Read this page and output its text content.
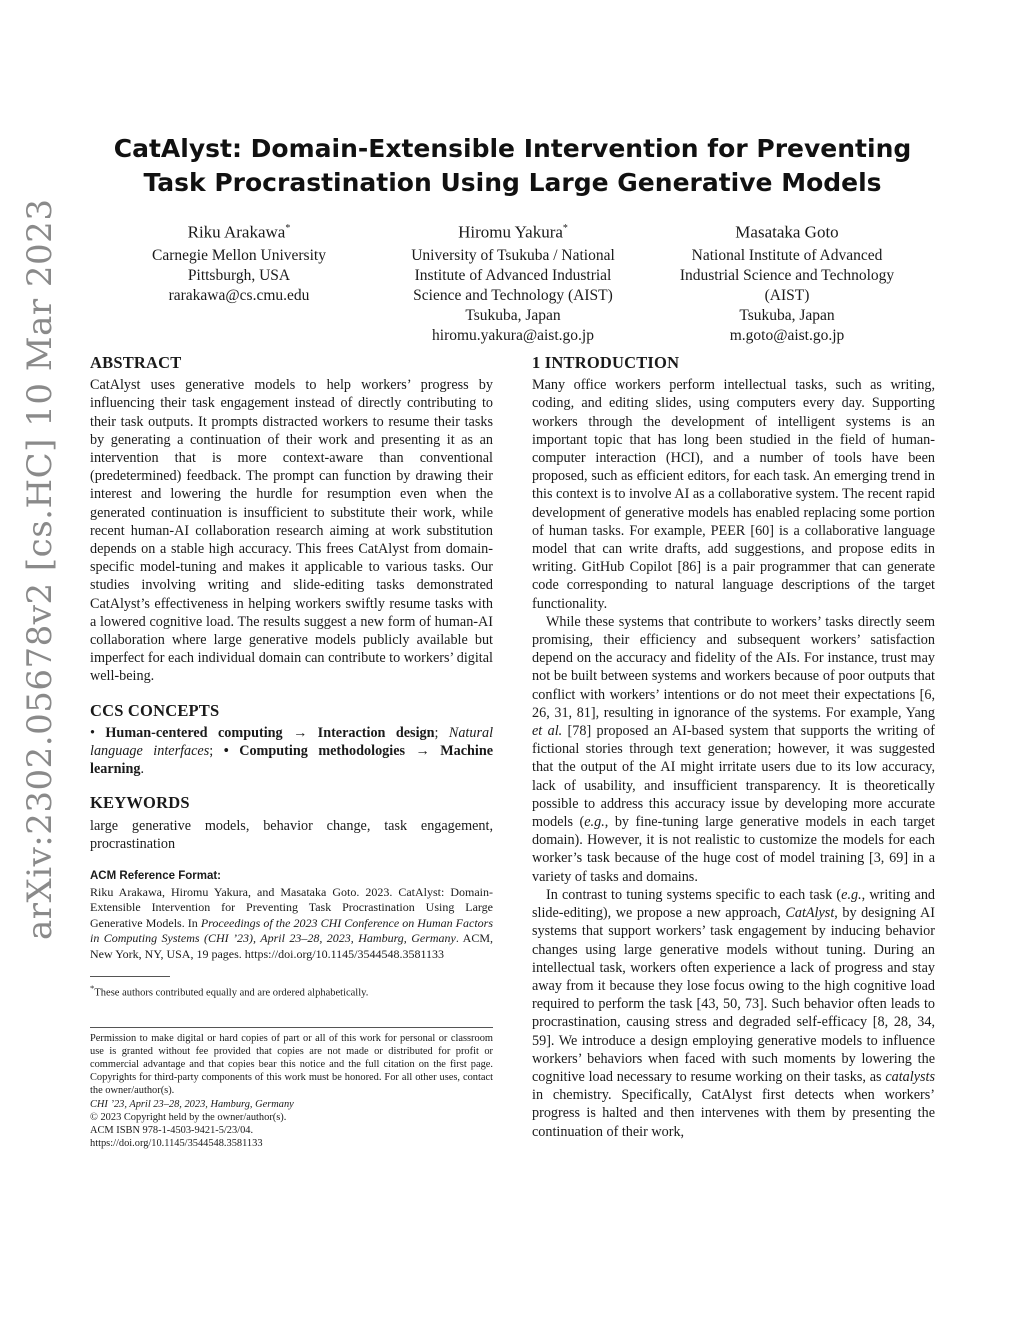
arXiv:2302.05678v2 [cs.HC] 10 Mar 2023
CatAlyst: Domain-Extensible Intervention for Preventing Task Procrastination Using Large Generative Models
Riku Arakawa*
Carnegie Mellon University
Pittsburgh, USA
rarakawa@cs.cmu.edu
Hiromu Yakura*
University of Tsukuba / National
Institute of Advanced Industrial
Science and Technology (AIST)
Tsukuba, Japan
hiromu.yakura@aist.go.jp
Masataka Goto
National Institute of Advanced
Industrial Science and Technology
(AIST)
Tsukuba, Japan
m.goto@aist.go.jp
ABSTRACT

CatAlyst uses generative models to help workers’ progress by influencing their task engagement instead of directly contributing to their task outputs. It prompts distracted workers to resume their tasks by generating a continuation of their work and presenting it as an intervention that is more context-aware than conventional (predetermined) feedback. The prompt can function by drawing their interest and lowering the hurdle for resumption even when the generated continuation is insufficient to substitute their work, while recent human-AI collaboration research aiming at work substitution depends on a stable high accuracy. This frees CatAlyst from domain-specific model-tuning and makes it applicable to various tasks. Our studies involving writing and slide-editing tasks demonstrated CatAlyst’s effectiveness in helping workers swiftly resume tasks with a lowered cognitive load. The results suggest a new form of human-AI collaboration where large generative models publicly available but imperfect for each individual domain can contribute to workers’ digital well-being.

CCS CONCEPTS

• Human-centered computing → Interaction design; Natural language interfaces; • Computing methodologies → Machine learning.

KEYWORDS

large generative models, behavior change, task engagement, procrastination

ACM Reference Format:

Riku Arakawa, Hiromu Yakura, and Masataka Goto. 2023. CatAlyst: Domain-Extensible Intervention for Preventing Task Procrastination Using Large Generative Models. In Proceedings of the 2023 CHI Conference on Human Factors in Computing Systems (CHI ’23), April 23–28, 2023, Hamburg, Germany. ACM, New York, NY, USA, 19 pages. https://doi.org/10.1145/3544548.3581133

*These authors contributed equally and are ordered alphabetically.

Permission to make digital or hard copies of part or all of this work for personal or classroom use is granted without fee provided that copies are not made or distributed for profit or commercial advantage and that copies bear this notice and the full citation on the first page. Copyrights for third-party components of this work must be honored. For all other uses, contact the owner/author(s).

CHI ’23, April 23–28, 2023, Hamburg, Germany
© 2023 Copyright held by the owner/author(s).
ACM ISBN 978-1-4503-9421-5/23/04.
https://doi.org/10.1145/3544548.3581133
1 INTRODUCTION

Many office workers perform intellectual tasks, such as writing, coding, and editing slides, using computers every day. Supporting workers through the development of intelligent systems is an important topic that has long been studied in the field of human-computer interaction (HCI), and a number of tools have been proposed, such as efficient editors, for each task. An emerging trend in this context is to involve AI as a collaborative system. The recent rapid development of generative models has enabled replacing some portion of human tasks. For example, PEER [60] is a collaborative language model that can write drafts, add suggestions, and propose edits in writing. GitHub Copilot [86] is a pair programmer that can generate code corresponding to natural language descriptions of the target functionality.

While these systems that contribute to workers’ tasks directly seem promising, their efficiency and subsequent workers’ satisfaction depend on the accuracy and fidelity of the AIs. For instance, trust may not be built between systems and workers because of poor outputs that conflict with workers’ intentions or do not meet their expectations [6, 26, 31, 81], resulting in ignorance of the systems. For example, Yang et al. [78] proposed an AI-based system that supports the writing of fictional stories through text generation; however, it was suggested that the output of the AI might irritate users due to its low accuracy, lack of usability, and insufficient transparency. It is theoretically possible to address this accuracy issue by developing more accurate models (e.g., by fine-tuning large generative models in each target domain). However, it is not realistic to customize the models for each worker’s task because of the huge cost of model training [3, 69] in a variety of tasks and domains.

In contrast to tuning systems specific to each task (e.g., writing and slide-editing), we propose a new approach, CatAlyst, by designing AI systems that support workers’ task engagement by inducing behavior changes using large generative models without tuning. During an intellectual task, workers often experience a lack of progress and stay away from it because they lose focus owing to the high cognitive load required to perform the task [43, 50, 73]. Such behavior often leads to procrastination, causing stress and degraded self-efficacy [8, 28, 34, 59]. We introduce a design employing generative models to influence workers’ behaviors when faced with such moments by lowering the cognitive load necessary to resume working on their tasks, as catalysts in chemistry. Specifically, CatAlyst first detects when workers’ progress is halted and then intervenes with them by presenting the continuation of their work,
